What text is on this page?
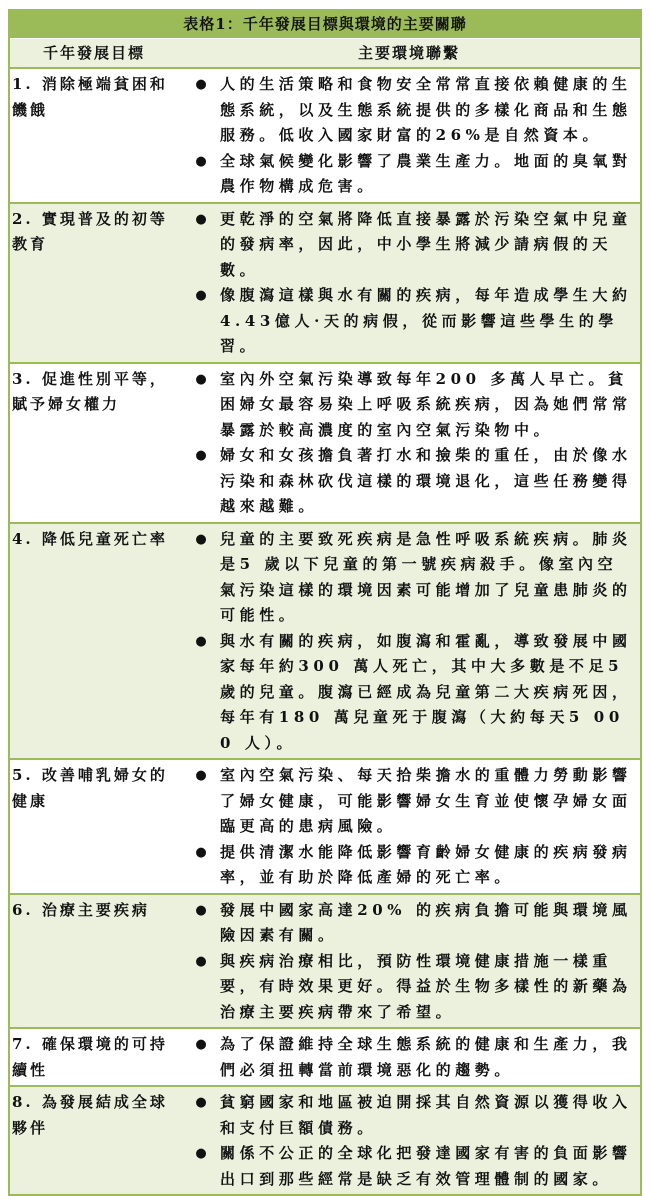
表格1：千年發展目標與環境的主要關聯
千年發展目標	主要環境聯繫
1. 消除極端貧困和饑餓
● 人的生活策略和食物安全常常直接依賴健康的生態系統，以及生態系統提供的多樣化商品和生態服務。低收入國家財富的26%是自然資本。
● 全球氣候變化影響了農業生產力。地面的臭氧對農作物構成危害。
2. 實現普及的初等教育
● 更乾淨的空氣將降低直接暴露於污染空氣中兒童的發病率，因此，中小學生將減少請病假的天數。
● 像腹瀉這樣與水有關的疾病，每年造成學生大約4.43億人·天的病假，從而影響這些學生的學習。
3. 促進性別平等，賦予婦女權力
● 室內外空氣污染導致每年200 多萬人早亡。貧困婦女最容易染上呼吸系統疾病，因為她們常常暴露於較高濃度的室內空氣污染物中。
● 婦女和女孩擔負著打水和撿柴的重任，由於像水污染和森林砍伐這樣的環境退化，這些任務變得越來越難。
4. 降低兒童死亡率	● 兒童的主要致死疾病是急性呼吸系統疾病。肺炎是5 歲以下兒童的第一號疾病殺手。像室內空氣污染這樣的環境因素可能增加了兒童患肺炎的可能性。
● 與水有關的疾病，如腹瀉和霍亂，導致發展中國家每年約300 萬人死亡，其中大多數是不足5 歲的兒童。腹瀉已經成為兒童第二大疾病死因，每年有180 萬兒童死于腹瀉（大約每天5 000 人）。
5. 改善哺乳婦女的健康
● 室內空氣污染、每天拾柴擔水的重體力勞動影響了婦女健康，可能影響婦女生育並使懷孕婦女面臨更高的患病風險。
● 提供清潔水能降低影響育齡婦女健康的疾病發病率，並有助於降低產婦的死亡率。
6. 治療主要疾病	● 發展中國家高達20% 的疾病負擔可能與環境風險因素有關。
● 與疾病治療相比，預防性環境健康措施一樣重要，有時效果更好。得益於生物多樣性的新藥為治療主要疾病帶來了希望。
7. 確保環境的可持續性
● 為了保證維持全球生態系統的健康和生產力，我們必須扭轉當前環境惡化的趨勢。
8. 為發展結成全球夥伴
● 貧窮國家和地區被迫開採其自然資源以獲得收入和支付巨額債務。
● 關係不公正的全球化把發達國家有害的負面影響出口到那些經常是缺乏有效管理體制的國家。
